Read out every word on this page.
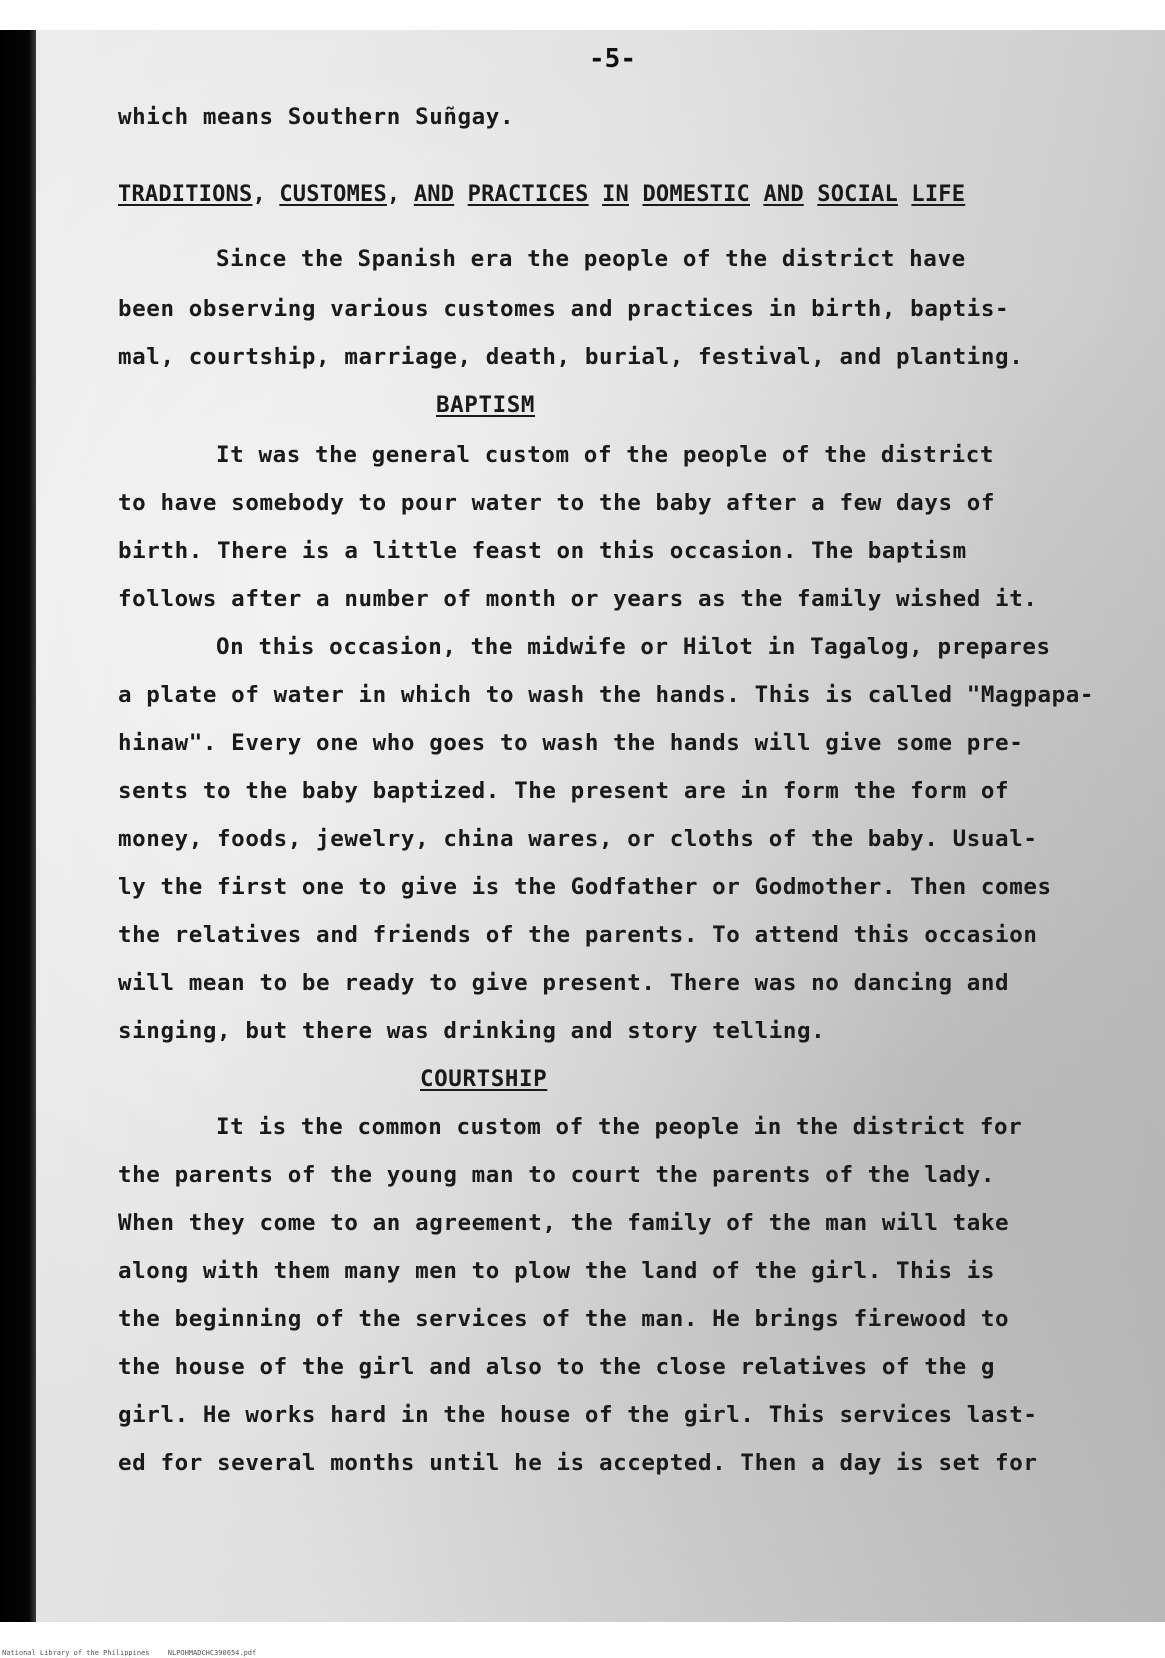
-5-
which means Southern Suñgay.
TRADITIONS, CUSTOMES, AND PRACTICES IN DOMESTIC AND SOCIAL LIFE
Since the Spanish era the people of the district have
been observing various customes and practices in birth, baptis-
mal, courtship, marriage, death, burial, festival, and planting.
BAPTISM
It was the general custom of the people of the district
to have somebody to pour water to the baby after a few days of
birth. There is a little feast on this occasion. The baptism
follows after a number of month or years as the family wished it.
On this occasion, the midwife or Hilot in Tagalog, prepares
a plate of water in which to wash the hands. This is called "Magpapa-
hinaw". Every one who goes to wash the hands will give some pre-
sents to the baby baptized. The present are in form the form of
money, foods, jewelry, china wares, or cloths of the baby. Usual-
ly the first one to give is the Godfather or Godmother. Then comes
the relatives and friends of the parents. To attend this occasion
will mean to be ready to give present. There was no dancing and
singing, but there was drinking and story telling.
COURTSHIP
It is the common custom of the people in the district for
the parents of the young man to court the parents of the lady.
When they come to an agreement, the family of the man will take
along with them many men to plow the land of the girl. This is
the beginning of the services of the man. He brings firewood to
the house of the girl and also to the close relatives of the g
girl. He works hard in the house of the girl. This services last-
ed for several months until he is accepted. Then a day is set for
National Library of the Philippines	NLPOHMADCHC390654.pdf
